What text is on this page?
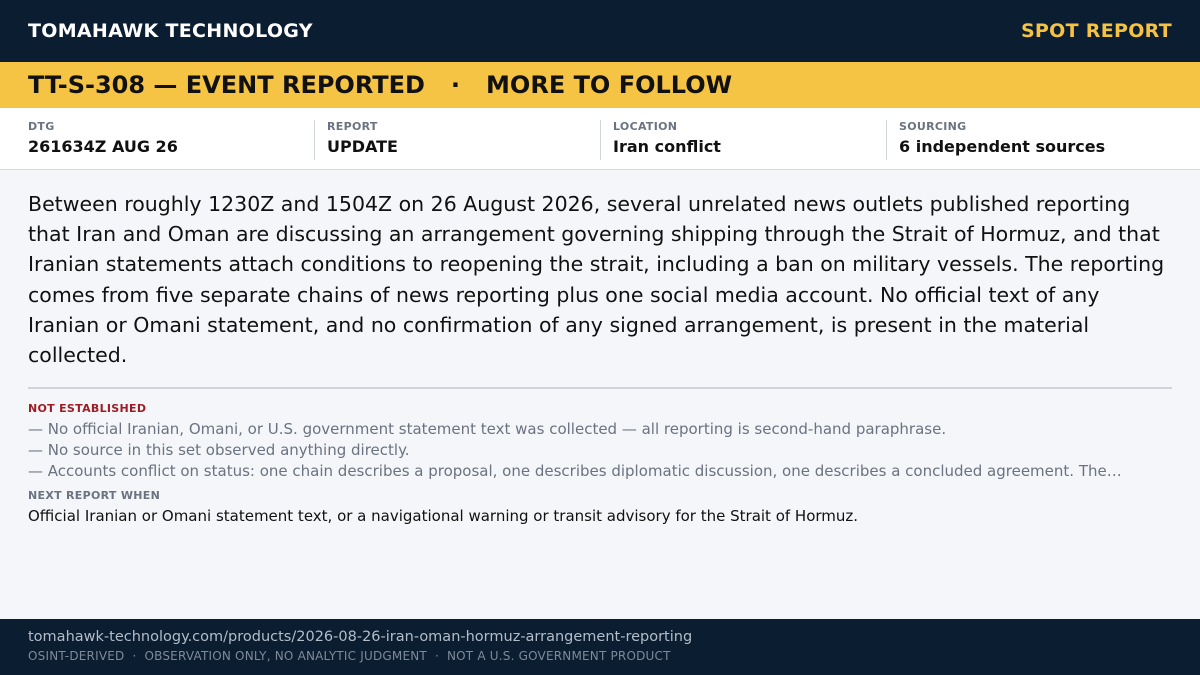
TOMAHAWK TECHNOLOGY	SPOT REPORT
TT-S-308 — EVENT REPORTED · MORE TO FOLLOW
DTG
261634Z AUG 26
REPORT
UPDATE
LOCATION
Iran conflict
SOURCING
6 independent sources

Between roughly 1230Z and 1504Z on 26 August 2026, several unrelated news outlets published reporting that Iran and Oman are discussing an arrangement governing shipping through the Strait of Hormuz, and that Iranian statements attach conditions to reopening the strait, including a ban on military vessels. The reporting comes from five separate chains of news reporting plus one social media account. No official text of any Iranian or Omani statement, and no confirmation of any signed arrangement, is present in the material collected.

NOT ESTABLISHED
— No official Iranian, Omani, or U.S. government statement text was collected — all reporting is second-hand paraphrase.
— No source in this set observed anything directly.
— Accounts conflict on status: one chain describes a proposal, one describes diplomatic discussion, one describes a concluded agreement. The…
NEXT REPORT WHEN
Official Iranian or Omani statement text, or a navigational warning or transit advisory for the Strait of Hormuz.
tomahawk-technology.com/products/2026-08-26-iran-oman-hormuz-arrangement-reporting
OSINT-DERIVED · OBSERVATION ONLY, NO ANALYTIC JUDGMENT · NOT A U.S. GOVERNMENT PRODUCT
